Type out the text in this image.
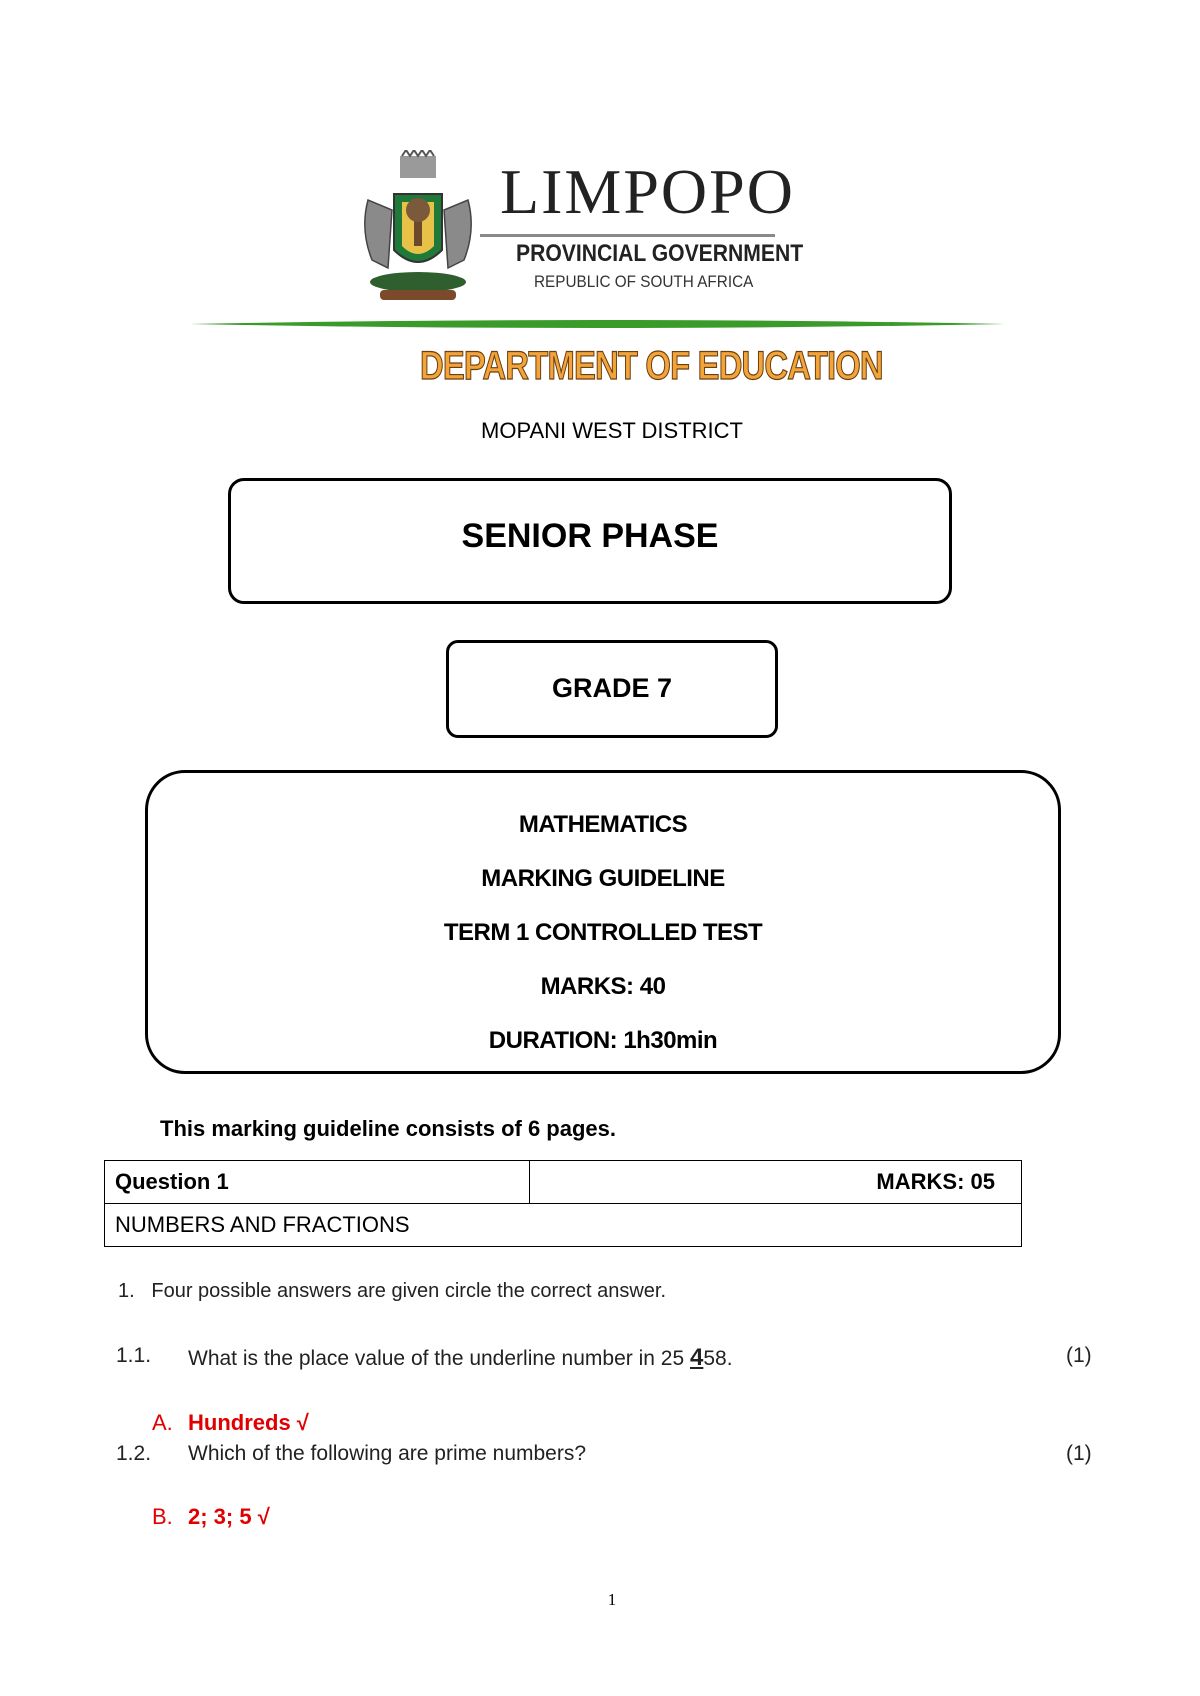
LIMPOPO
PROVINCIAL GOVERNMENT
REPUBLIC OF SOUTH AFRICA
DEPARTMENT OF EDUCATION
MOPANI WEST DISTRICT
SENIOR PHASE
GRADE 7
MATHEMATICS
MARKING GUIDELINE
TERM 1 CONTROLLED TEST
MARKS: 40
DURATION: 1h30min
This marking guideline consists of 6 pages.
Question 1	MARKS: 05
NUMBERS AND FRACTIONS
1. Four possible answers are given circle the correct answer.
1.1. What is the place value of the underline number in 25 458.	(1)
A. Hundreds √
1.2. Which of the following are prime numbers?	(1)
B. 2; 3; 5 √
1
